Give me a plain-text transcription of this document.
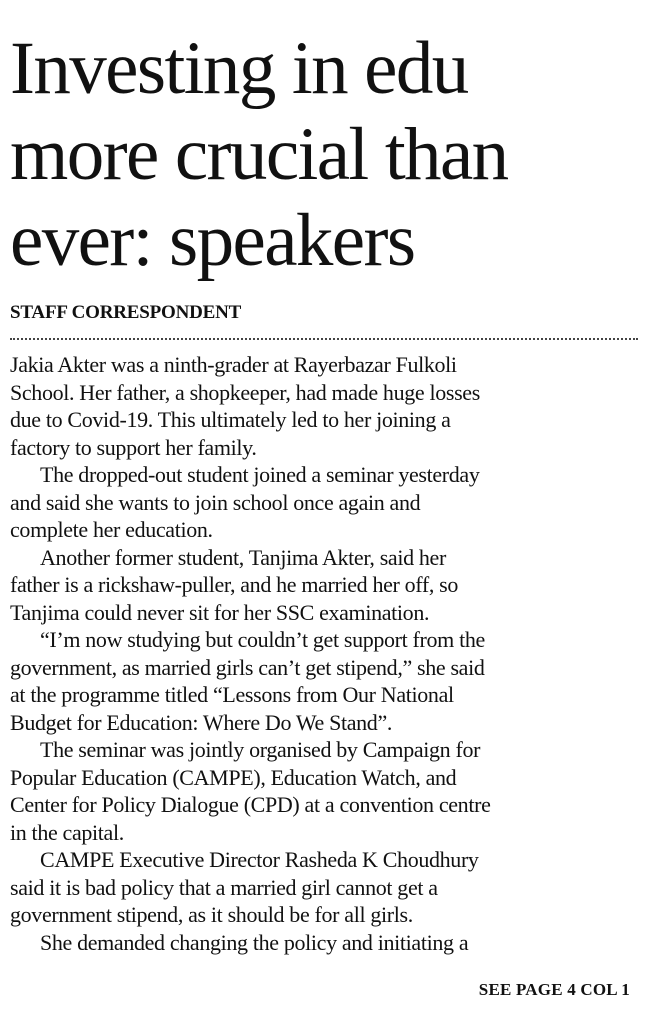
Investing in edu
more crucial than
ever: speakers
STAFF CORRESPONDENT
Jakia Akter was a ninth-grader at Rayerbazar Fulkoli
School. Her father, a shopkeeper, had made huge losses
due to Covid-19. This ultimately led to her joining a
factory to support her family.
The dropped-out student joined a seminar yesterday
and said she wants to join school once again and
complete her education.
Another former student, Tanjima Akter, said her
father is a rickshaw-puller, and he married her off, so
Tanjima could never sit for her SSC examination.
“I’m now studying but couldn’t get support from the
government, as married girls can’t get stipend,” she said
at the programme titled “Lessons from Our National
Budget for Education: Where Do We Stand”.
The seminar was jointly organised by Campaign for
Popular Education (CAMPE), Education Watch, and
Center for Policy Dialogue (CPD) at a convention centre
in the capital.
CAMPE Executive Director Rasheda K Choudhury
said it is bad policy that a married girl cannot get a
government stipend, as it should be for all girls.
She demanded changing the policy and initiating a
SEE PAGE 4 COL 1
